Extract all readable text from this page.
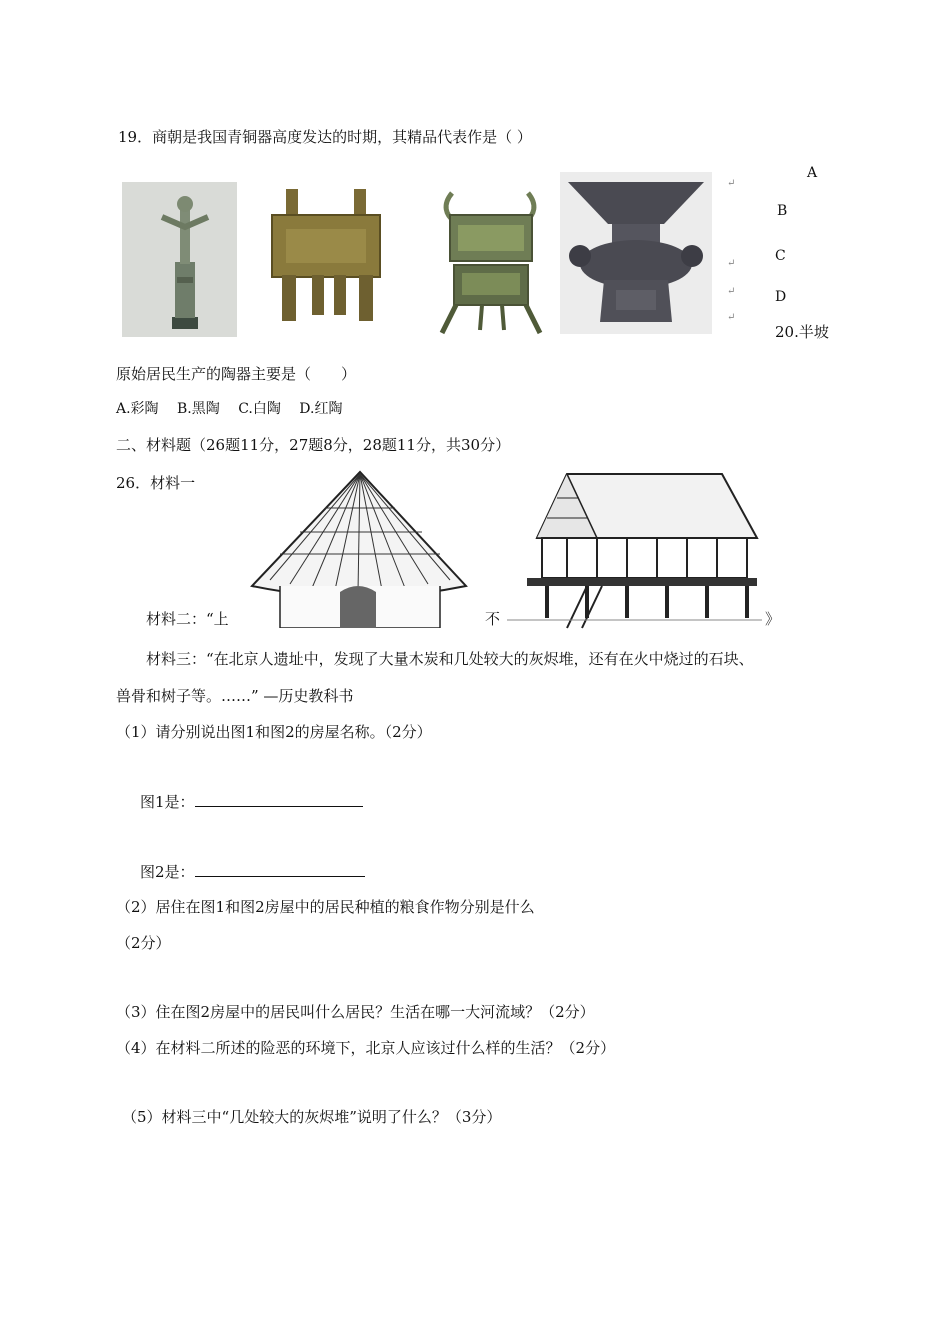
19．商朝是我国青铜器高度发达的时期，其精品代表作是（ ）
↵
↵
↵
↵
A
B
C
D
20.半坡
原始居民生产的陶器主要是（　　）
A.彩陶　 B.黑陶　 C.白陶　 D.红陶
二、材料题（26题11分，27题8分，28题11分，共30分）
26．材料一
材料二：“上	不	》
材料三：“在北京人遗址中，发现了大量木炭和几处较大的灰烬堆，还有在火中烧过的石块、
兽骨和树子等。……” —历史教科书
（1）请分别说出图1和图2的房屋名称。（2分）
图1是：
图2是：
（2）居住在图1和图2房屋中的居民种植的粮食作物分别是什么
（2分）
（3）住在图2房屋中的居民叫什么居民？生活在哪一大河流域？（2分）
（4）在材料二所述的险恶的环境下，北京人应该过什么样的生活？（2分）
（5）材料三中“几处较大的灰烬堆”说明了什么？（3分）
